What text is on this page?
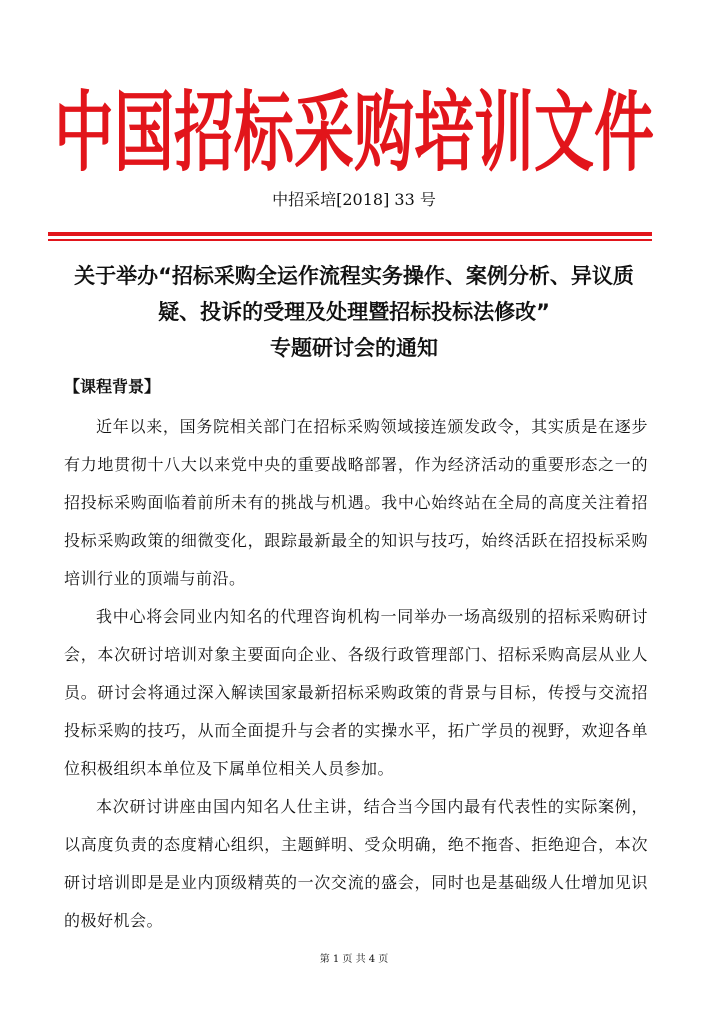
中国招标采购培训文件
中招采培[2018] 33 号
关于举办“招标采购全运作流程实务操作、案例分析、异议质
疑、投诉的受理及处理暨招标投标法修改”
专题研讨会的通知
【课程背景】

近年以来，国务院相关部门在招标采购领域接连颁发政令，其实质是在逐步有力地贯彻十八大以来党中央的重要战略部署，作为经济活动的重要形态之一的招投标采购面临着前所未有的挑战与机遇。我中心始终站在全局的高度关注着招投标采购政策的细微变化，跟踪最新最全的知识与技巧，始终活跃在招投标采购培训行业的顶端与前沿。

我中心将会同业内知名的代理咨询机构一同举办一场高级别的招标采购研讨会，本次研讨培训对象主要面向企业、各级行政管理部门、招标采购高层从业人员。研讨会将通过深入解读国家最新招标采购政策的背景与目标，传授与交流招投标采购的技巧，从而全面提升与会者的实操水平，拓广学员的视野，欢迎各单位积极组织本单位及下属单位相关人员参加。

本次研讨讲座由国内知名人仕主讲，结合当今国内最有代表性的实际案例，以高度负责的态度精心组织，主题鲜明、受众明确，绝不拖沓、拒绝迎合，本次研讨培训即是是业内顶级精英的一次交流的盛会，同时也是基础级人仕增加见识的极好机会。

第 1 页 共 4 页
